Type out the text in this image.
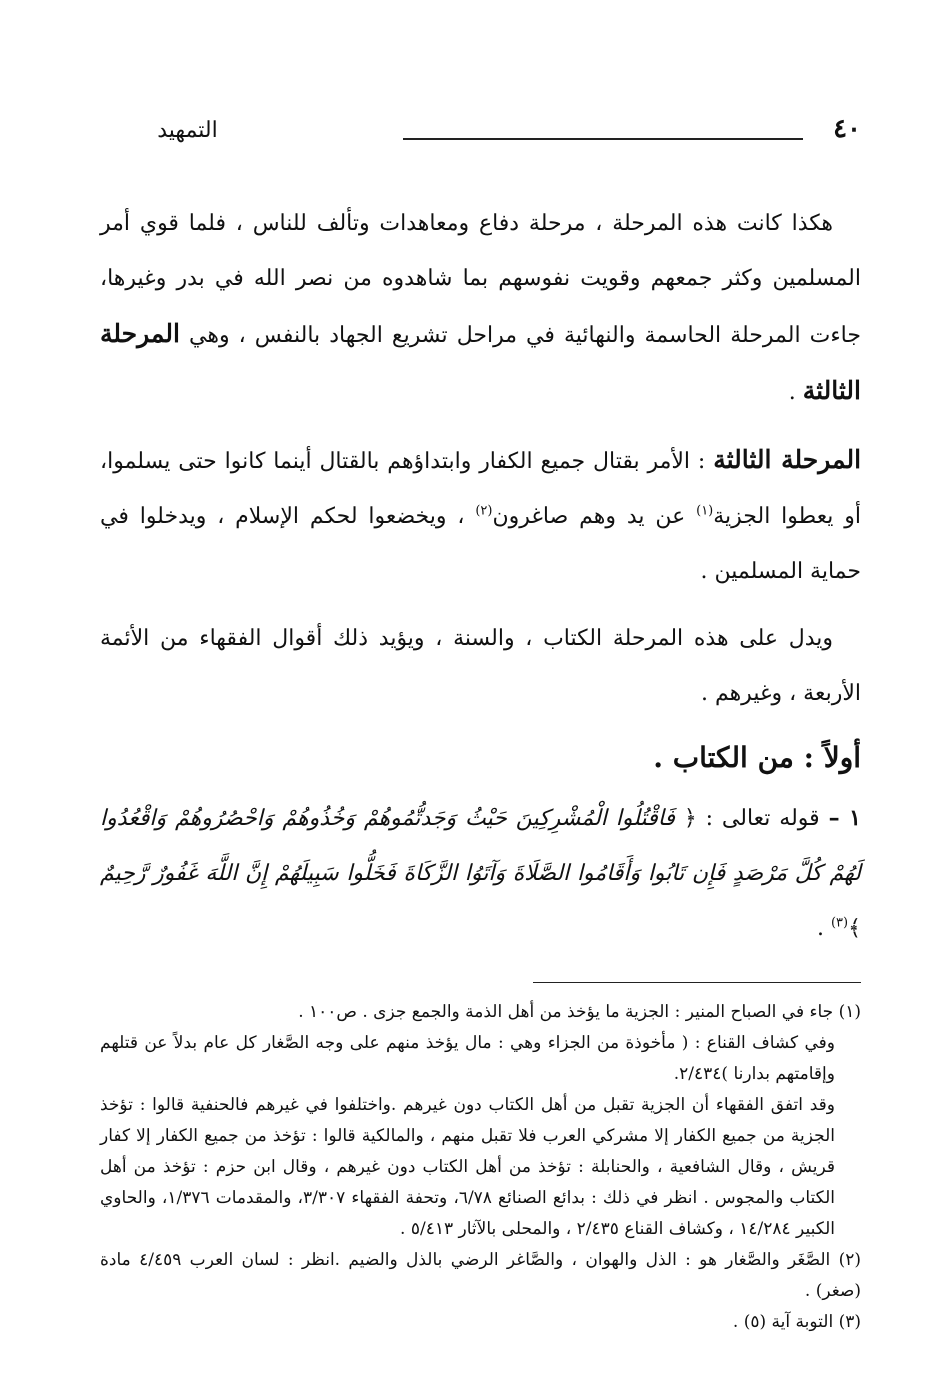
٤٠
التمهيد

هكذا كانت هذه المرحلة ، مرحلة دفاع ومعاهدات وتألف للناس ، فلما قوي أمر المسلمين وكثر جمعهم وقويت نفوسهم بما شاهدوه من نصر الله في بدر وغيرها، جاءت المرحلة الحاسمة والنهائية في مراحل تشريع الجهاد بالنفس ، وهي المرحلة الثالثة .

المرحلة الثالثة : الأمر بقتال جميع الكفار وابتداؤهم بالقتال أينما كانوا حتى يسلموا، أو يعطوا الجزية$^{(١)}$ عن يد وهم صاغرون$^{(٢)}$ ، ويخضعوا لحكم الإسلام ، ويدخلوا في حماية المسلمين .

ويدل على هذه المرحلة الكتاب ، والسنة ، ويؤيد ذلك أقوال الفقهاء من الأئمة الأربعة ، وغيرهم .

أولاً : من الكتاب .

١ – قوله تعالى : ﴿ فَاقْتُلُوا الْمُشْرِكِينَ حَيْثُ وَجَدتُّمُوهُمْ وَخُذُوهُمْ وَاحْصُرُوهُمْ وَاقْعُدُوا لَهُمْ كُلَّ مَرْصَدٍ فَإِن تَابُوا وَأَقَامُوا الصَّلَاةَ وَآتَوُا الزَّكَاةَ فَخَلُّوا سَبِيلَهُمْ إِنَّ اللَّهَ غَفُورٌ رَّحِيمٌ ﴾$^{(٣)}$ .

(١) جاء في الصباح المنير : الجزية ما يؤخذ من أهل الذمة والجمع جزى . ص١٠٠ .

وفي كشاف القناع : ( مأخوذة من الجزاء وهي : مال يؤخذ منهم على وجه الصَّغار كل عام بدلاً عن قتلهم وإقامتهم بدارنا )٢/٤٣٤.

وقد اتفق الفقهاء أن الجزية تقبل من أهل الكتاب دون غيرهم .واختلفوا في غيرهم فالحنفية قالوا : تؤخذ الجزية من جميع الكفار إلا مشركي العرب فلا تقبل منهم ، والمالكية قالوا : تؤخذ من جميع الكفار إلا كفار قريش ، وقال الشافعية ، والحنابلة : تؤخذ من أهل الكتاب دون غيرهم ، وقال ابن حزم : تؤخذ من أهل الكتاب والمجوس . انظر في ذلك : بدائع الصنائع ٦/٧٨، وتحفة الفقهاء ٣/٣٠٧، والمقدمات ١/٣٧٦، والحاوي الكبير ١٤/٢٨٤ ، وكشاف القناع ٢/٤٣٥ ، والمحلى بالآثار ٥/٤١٣ .

(٢) الصَّغَر والصَّغار هو : الذل والهوان ، والصَّاغر الرضي بالذل والضيم .انظر : لسان العرب ٤/٤٥٩ مادة (صغر) .

(٣) التوبة آية (٥) .
